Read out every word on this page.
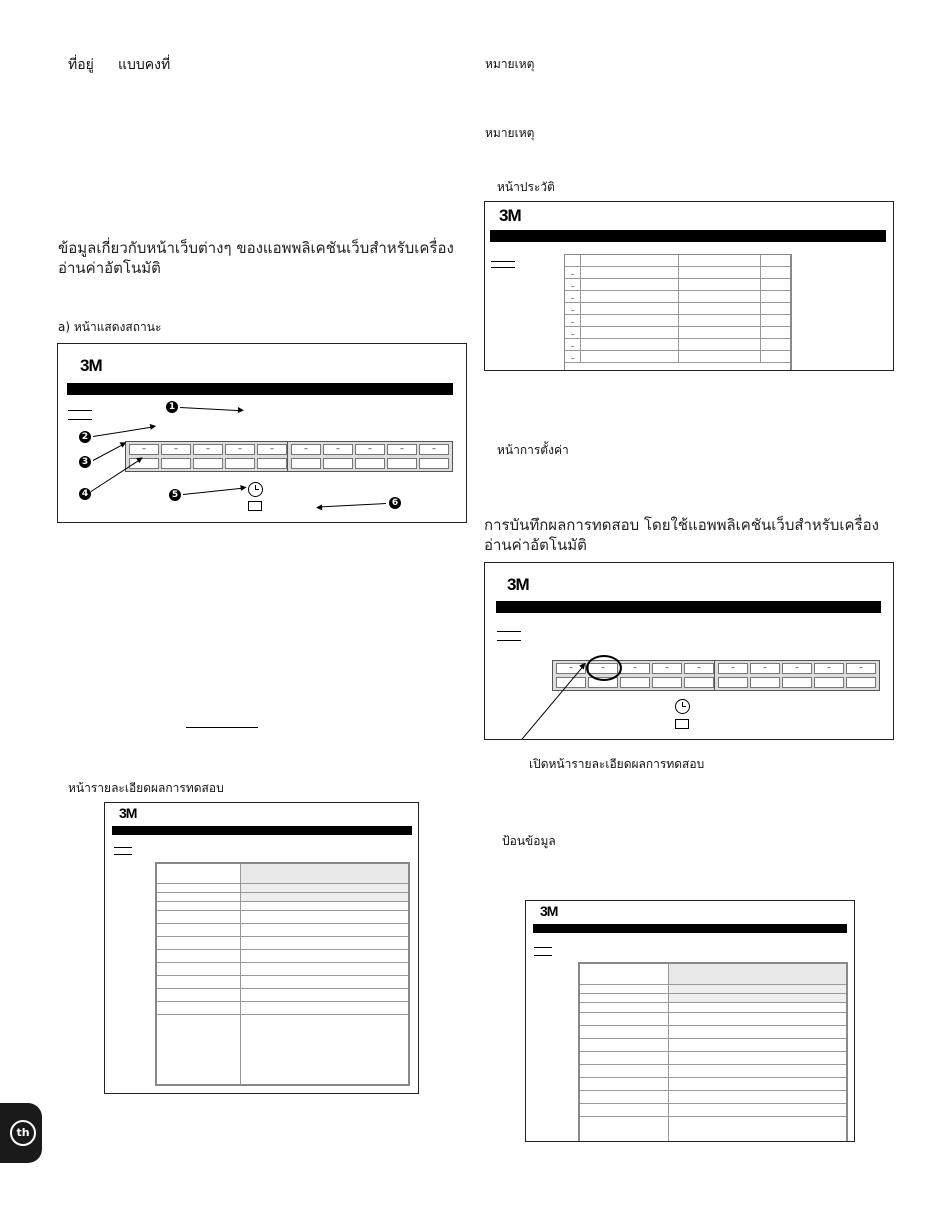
ที่อยู่ แบบคงที่
ข้อมูลเกี่ยวกับหน้าเว็บต่างๆ ของแอพพลิเคชันเว็บสำหรับเครื่องอ่านค่าอัตโนมัติ
a) หน้าแสดงสถานะ
3M
–	–	–	–	–	–	–	–	–	–
1
2
3
4	5
6
หน้ารายละเอียดผลการทดสอบ
3M
th
หมายเหตุ
หมายเหตุ
หน้าประวัติ
3M
–
–
–
–
–
–
–
–
หน้าการตั้งค่า
การบันทึกผลการทดสอบ โดยใช้แอพพลิเคชันเว็บสำหรับเครื่องอ่านค่าอัตโนมัติ
3M
–	–	–	–	–	–	–	–	–	–
เปิดหน้ารายละเอียดผลการทดสอบ
ป้อนข้อมูล
3M
